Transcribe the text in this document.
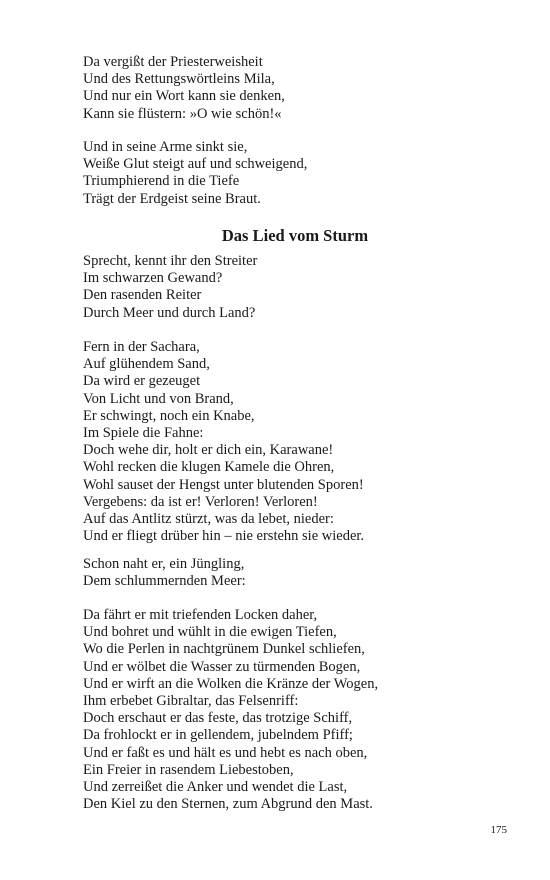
Da vergißt der Priesterweisheit
Und des Rettungswörtleins Mila,
Und nur ein Wort kann sie denken,
Kann sie flüstern: »O wie schön!«
Und in seine Arme sinkt sie,
Weiße Glut steigt auf und schweigend,
Triumphierend in die Tiefe
Trägt der Erdgeist seine Braut.
Das Lied vom Sturm
Sprecht, kennt ihr den Streiter
Im schwarzen Gewand?
Den rasenden Reiter
Durch Meer und durch Land?
Fern in der Sachara,
Auf glühendem Sand,
Da wird er gezeuget
Von Licht und von Brand,
Er schwingt, noch ein Knabe,
Im Spiele die Fahne:
Doch wehe dir, holt er dich ein, Karawane!
Wohl recken die klugen Kamele die Ohren,
Wohl sauset der Hengst unter blutenden Sporen!
Vergebens: da ist er! Verloren! Verloren!
Auf das Antlitz stürzt, was da lebet, nieder:
Und er fliegt drüber hin – nie erstehn sie wieder.
Schon naht er, ein Jüngling,
Dem schlummernden Meer:
Da fährt er mit triefenden Locken daher,
Und bohret und wühlt in die ewigen Tiefen,
Wo die Perlen in nachtgrünem Dunkel schliefen,
Und er wölbet die Wasser zu türmenden Bogen,
Und er wirft an die Wolken die Kränze der Wogen,
Ihm erbebet Gibraltar, das Felsenriff:
Doch erschaut er das feste, das trotzige Schiff,
Da frohlockt er in gellendem, jubelndem Pfiff;
Und er faßt es und hält es und hebt es nach oben,
Ein Freier in rasendem Liebestoben,
Und zerreißet die Anker und wendet die Last,
Den Kiel zu den Sternen, zum Abgrund den Mast.
175
